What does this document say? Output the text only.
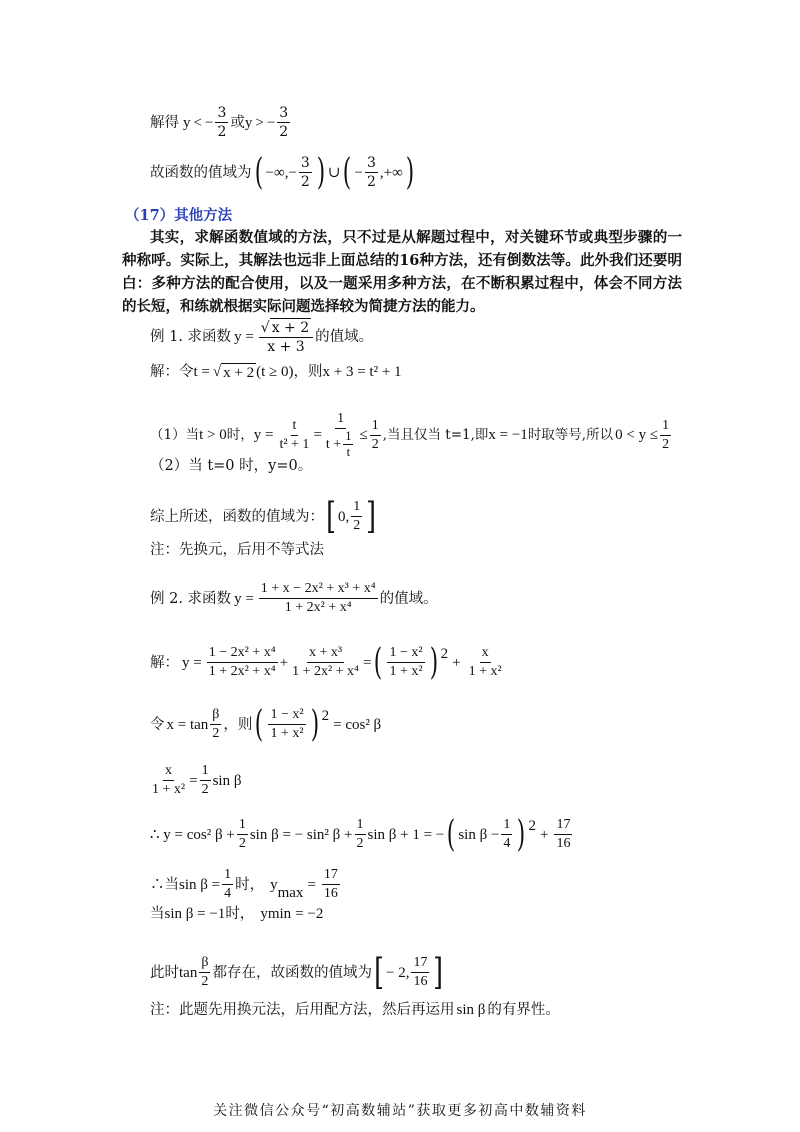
解得 y < − $\frac{3}{2}$ 或 y > − $\frac{3}{2}$
故函数的值域为 ( −∞,− $\frac{3}{2}$ ) ∪ ( − $\frac{3}{2}$ ,+∞ )
（17）其他方法
其实，求解函数值域的方法，只不过是从解题过程中，对关键环节或典型步骤的一种称呼。实际上，其解法也远非上面总结的16种方法，还有倒数法等。此外我们还要明白：多种方法的配合使用，以及一题采用多种方法，在不断积累过程中，体会不同方法的长短，和练就根据实际问题选择较为简捷方法的能力。
例 1. 求函数 $y = \frac{√ x + 2}{x + 3}$ 的值域。
解：令 t = √ x + 2 (t ≥ 0) ，则 x + 3 = t² + 1
（1）当 t > 0 时， $y = \frac{t}{\text{t² + 1}} = \frac{1}{t + \frac{1}{t}} \le \frac{1}{2}$ ,当且仅当 t=1,即 x = −1 时取等号,所以 $0 < y \le \frac{1}{2}$
（2）当 t=0 时，y=0。
综上所述，函数的值域为： [ 0, $\frac{1}{2}$ ]
注：先换元，后用不等式法
例 2. 求函数 $y = \frac{\text{1 + x − 2x² + x³ + x⁴}}{\text{1 + 2x² + x⁴}}$ 的值域。
解： $y = \frac{\text{1 − 2x² + x⁴}}{\text{1 + 2x² + x⁴}} + \frac{\text{x + x³}}{\text{1 + 2x² + x⁴}}$ = ( $\frac{\text{1 − x²}}{\text{1 + x²}}$ ) 2
+ $\frac{x}{\text{1 + x²}}$
令 $x = \tan \frac{\beta}{2}$ ，则 ( $\frac{\text{1 − x²}}{\text{1 + x²}}$ ) 2
= cos² β
$\frac{x}{\text{1 + x²}} = \frac{1}{2}$ sin β
∴ y = cos² $\beta + \frac{1}{2}$ sin β = − sin² $\beta + \frac{1}{2}$ sin β + 1 = − ( $\sin \beta - \frac{1}{4}$ ) 2
+ $\frac{17}{16}$
∴当 $\sin \beta = \frac{1}{4}$ 时， y
max
= $\frac{17}{16}$
当 sin β = −1 时， y min = −2
此时 $\tan \frac{\beta}{2}$ 都存在，故函数的值域为 [ − 2, $\frac{17}{16}$ ]
注：此题先用换元法，后用配方法，然后再运用 sin β 的有界性。
关注微信公众号“初高数辅站”获取更多初高中数辅资料
